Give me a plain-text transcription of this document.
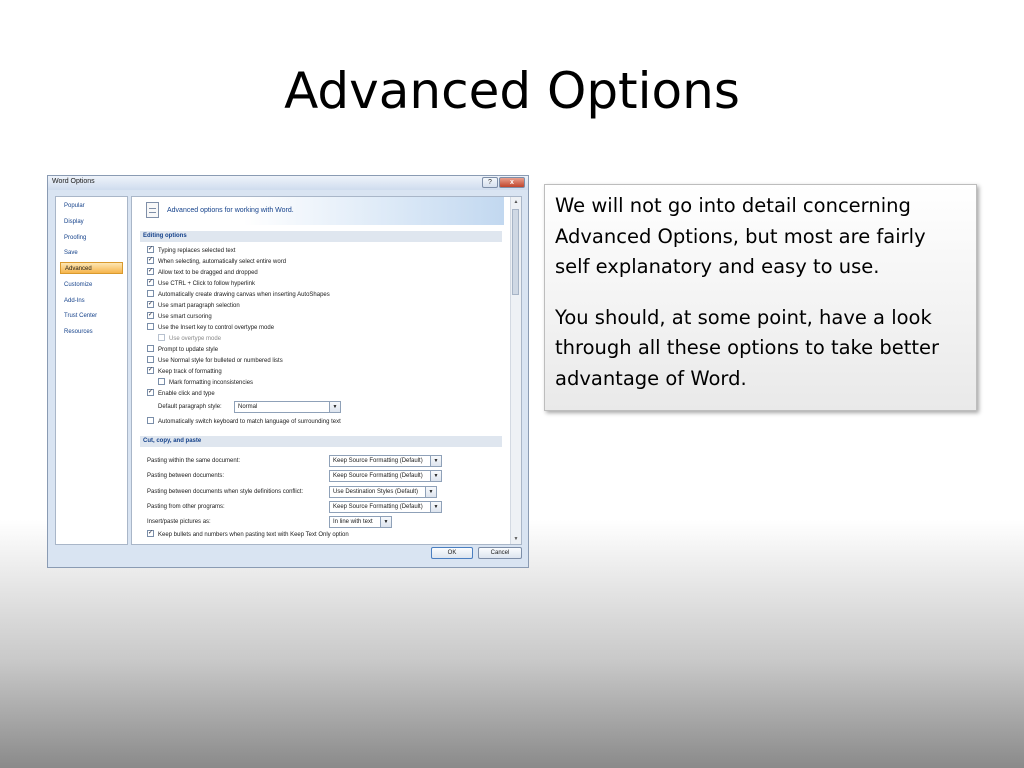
Advanced Options
Word Options	?	x
Popular
Display
Proofing
Save
Advanced
Customize
Add-Ins
Trust Center
Resources
Advanced options for working with Word.
Editing options
✓ Typing replaces selected text
✓ When selecting, automatically select entire word
✓ Allow text to be dragged and dropped
✓ Use CTRL + Click to follow hyperlink
Automatically create drawing canvas when inserting AutoShapes
✓ Use smart paragraph selection
✓ Use smart cursoring
Use the Insert key to control overtype mode
Use overtype mode
Prompt to update style
Use Normal style for bulleted or numbered lists
✓ Keep track of formatting
Mark formatting inconsistencies
✓ Enable click and type
Default paragraph style:	Normal	▼
Automatically switch keyboard to match language of surrounding text
Cut, copy, and paste
Pasting within the same document:	Keep Source Formatting (Default)	▼
Pasting between documents:	Keep Source Formatting (Default)	▼
Pasting between documents when style definitions conflict:	Use Destination Styles (Default)	▼
Pasting from other programs:	Keep Source Formatting (Default)	▼
Insert/paste pictures as:	In line with text	▼
✓ Keep bullets and numbers when pasting text with Keep Text Only option
▲
▼
OK	Cancel

We will not go into detail concerning Advanced Options, but most are fairly self explanatory and easy to use.

You should, at some point, have a look through all these options to take better advantage of Word.
